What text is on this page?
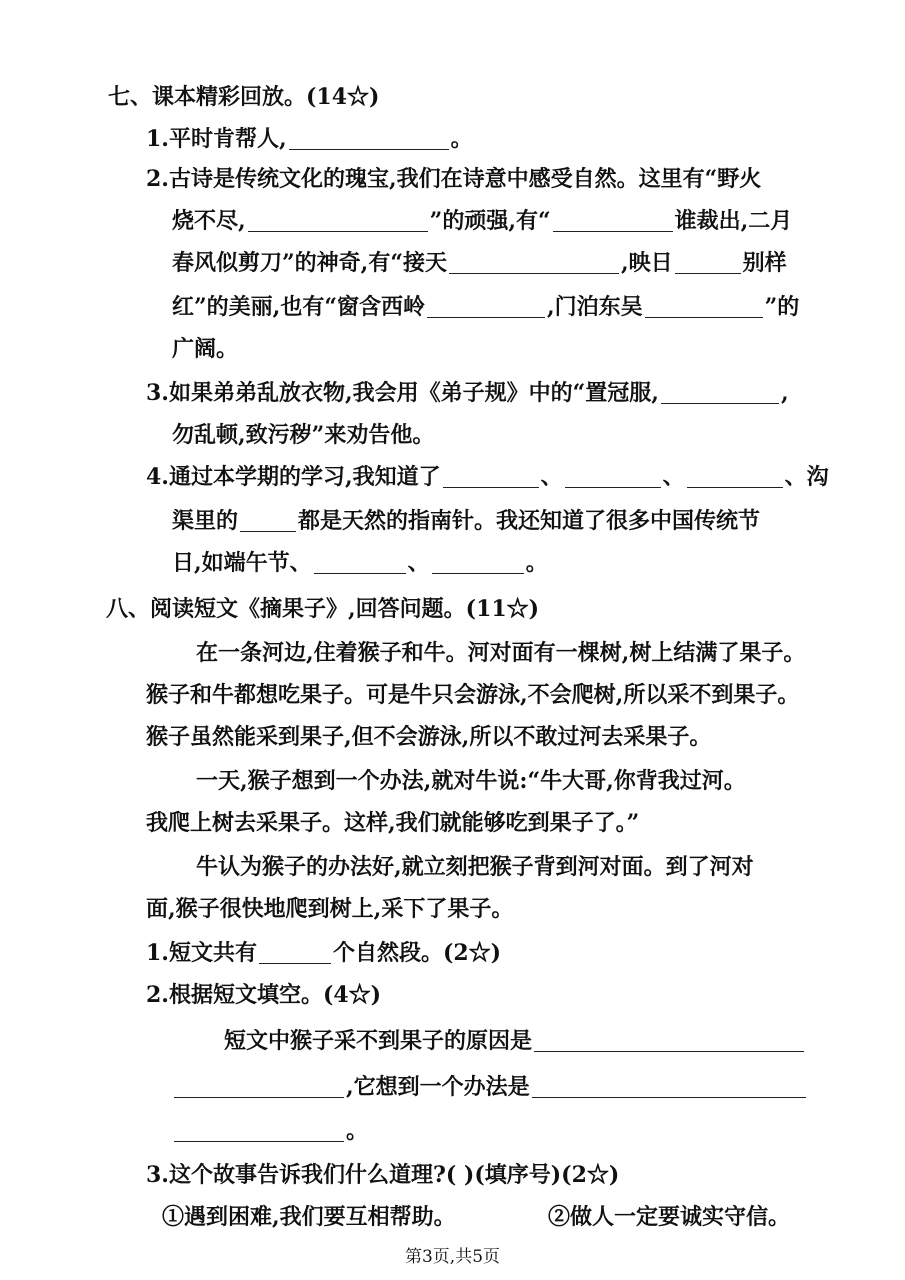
七、课本精彩回放。(14☆)
1.平时肯帮人,	。
2.古诗是传统文化的瑰宝,我们在诗意中感受自然。这里有“野火
烧不尽,	”的顽强,有“	谁裁出,二月
春风似剪刀”的神奇,有“接天	,映日	别样
红”的美丽,也有“窗含西岭	,门泊东吴	”的
广阔。
3.如果弟弟乱放衣物,我会用《弟子规》中的“置冠服,	,
勿乱顿,致污秽”来劝告他。
4.通过本学期的学习,我知道了	、	、	、沟
渠里的	都是天然的指南针。我还知道了很多中国传统节
日,如端午节、	、	。
八、阅读短文《摘果子》,回答问题。(11☆)
在一条河边,住着猴子和牛。河对面有一棵树,树上结满了果子。
猴子和牛都想吃果子。可是牛只会游泳,不会爬树,所以采不到果子。
猴子虽然能采到果子,但不会游泳,所以不敢过河去采果子。
一天,猴子想到一个办法,就对牛说:“牛大哥,你背我过河。
我爬上树去采果子。这样,我们就能够吃到果子了。”
牛认为猴子的办法好,就立刻把猴子背到河对面。到了河对
面,猴子很快地爬到树上,采下了果子。
1.短文共有	个自然段。(2☆)
2.根据短文填空。(4☆)
短文中猴子采不到果子的原因是
,它想到一个办法是
。
3.这个故事告诉我们什么道理?( )(填序号)(2☆)
①遇到困难,我们要互相帮助。	②做人一定要诚实守信。
第3页,共5页
